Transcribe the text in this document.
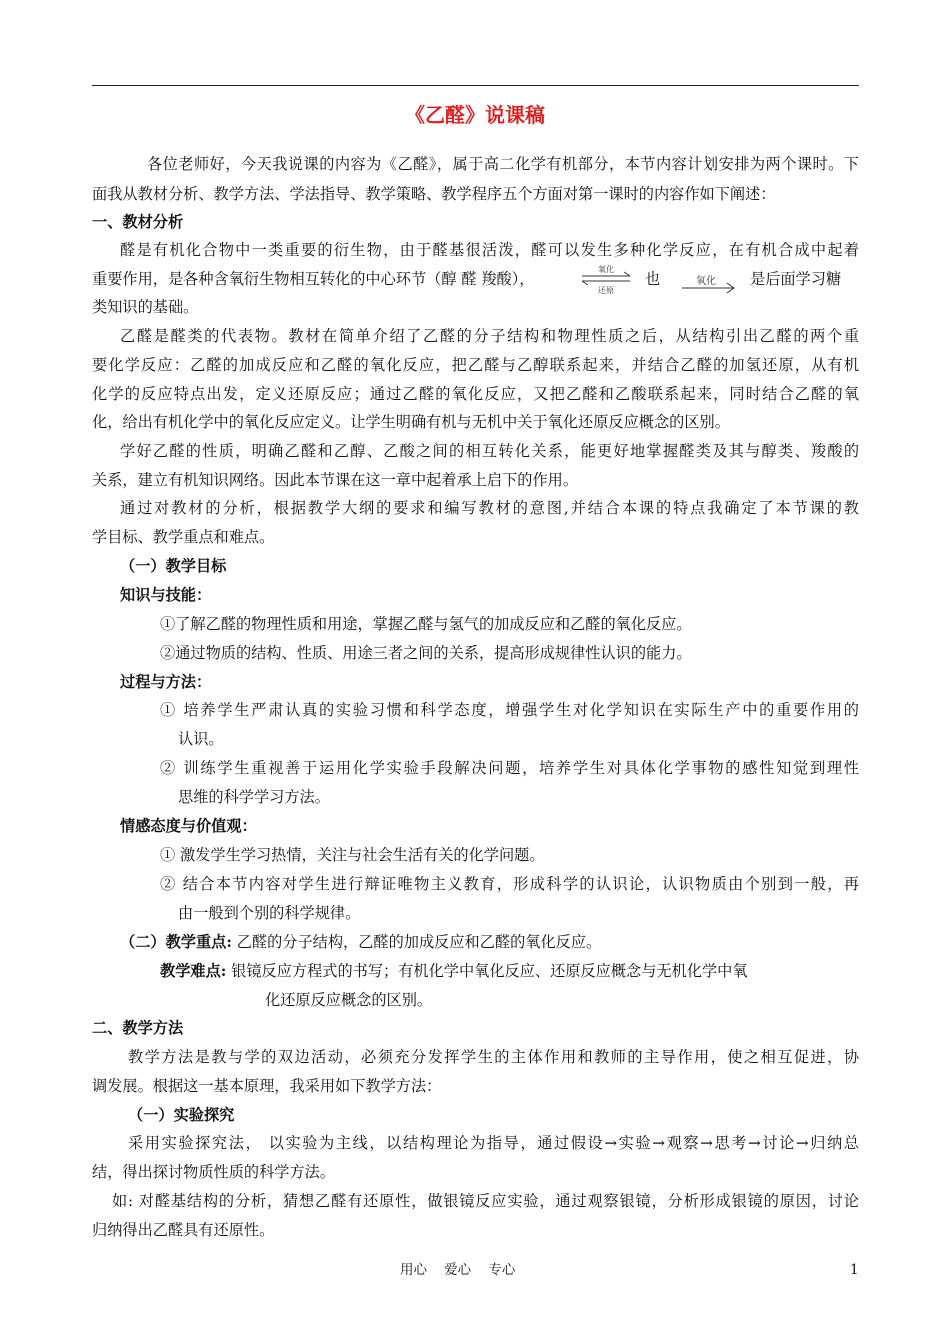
《乙醛》说课稿
各位老师好，今天我说课的内容为《乙醛》，属于高二化学有机部分，本节内容计划安排为两个课时。下
面我从教材分析、教学方法、学法指导、教学策略、教学程序五个方面对第一课时的内容作如下阐述：
一、教材分析
醛是有机化合物中一类重要的衍生物，由于醛基很活泼，醛可以发生多种化学反应，在有机合成中起着
重要作用，是各种含氧衍生物相互转化的中心环节（醇 醛 羧酸），
氧化
还原
也	氧化 是后面学习糖
类知识的基础。
乙醛是醛类的代表物。教材在简单介绍了乙醛的分子结构和物理性质之后，从结构引出乙醛的两个重
要化学反应：乙醛的加成反应和乙醛的氧化反应，把乙醛与乙醇联系起来，并结合乙醛的加氢还原，从有机
化学的反应特点出发，定义还原反应；通过乙醛的氧化反应，又把乙醛和乙酸联系起来，同时结合乙醛的氧
化，给出有机化学中的氧化反应定义。让学生明确有机与无机中关于氧化还原反应概念的区别。
学好乙醛的性质，明确乙醛和乙醇、乙酸之间的相互转化关系，能更好地掌握醛类及其与醇类、羧酸的
关系，建立有机知识网络。因此本节课在这一章中起着承上启下的作用。
通过对教材的分析，根据教学大纲的要求和编写教材的意图,并结合本课的特点我确定了本节课的教
学目标、教学重点和难点。
（一）教学目标
知识与技能：
①了解乙醛的物理性质和用途，掌握乙醛与氢气的加成反应和乙醛的氧化反应。
②通过物质的结构、性质、用途三者之间的关系，提高形成规律性认识的能力。
过程与方法：
① 培养学生严肃认真的实验习惯和科学态度，增强学生对化学知识在实际生产中的重要作用的
认识。
② 训练学生重视善于运用化学实验手段解决问题，培养学生对具体化学事物的感性知觉到理性
思维的科学学习方法。
情感态度与价值观：
① 激发学生学习热情，关注与社会生活有关的化学问题。
② 结合本节内容对学生进行辩证唯物主义教育，形成科学的认识论，认识物质由个别到一般，再
由一般到个别的科学规律。
（二）教学重点: 乙醛的分子结构，乙醛的加成反应和乙醛的氧化反应。
教学难点: 银镜反应方程式的书写；有机化学中氧化反应、还原反应概念与无机化学中氧
化还原反应概念的区别。
二、教学方法
教学方法是教与学的双边活动，必须充分发挥学生的主体作用和教师的主导作用，使之相互促进，协
调发展。根据这一基本原理，我采用如下教学方法：
（一）实验探究
采用实验探究法， 以实验为主线，以结构理论为指导，通过假设→实验→观察→思考→讨论→归纳总
结，得出探讨物质性质的科学方法。
如: 对醛基结构的分析，猜想乙醛有还原性，做银镜反应实验，通过观察银镜，分析形成银镜的原因，讨论
归纳得出乙醛具有还原性。
用心    爱心    专心	1
